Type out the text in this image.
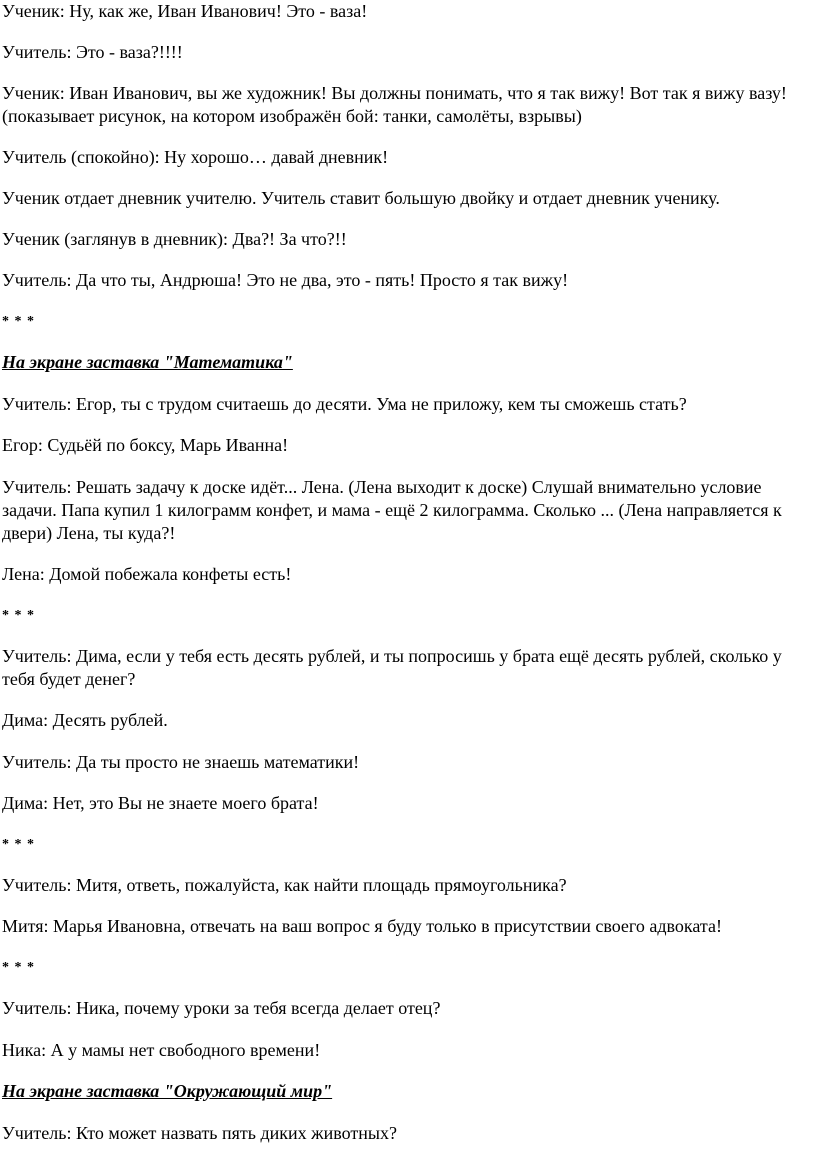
Ученик: Ну, как же, Иван Иванович! Это - ваза!
Учитель: Это - ваза?!!!!
Ученик: Иван Иванович, вы же художник! Вы должны понимать, что я так вижу! Вот так я вижу вазу!
(показывает рисунок, на котором изображён бой: танки, самолёты, взрывы)
Учитель (спокойно): Ну хорошо… давай дневник!
Ученик отдает дневник учителю. Учитель ставит большую двойку и отдает дневник ученику.
Ученик (заглянув в дневник): Два?! За что?!!
Учитель: Да что ты, Андрюша! Это не два, это - пять! Просто я так вижу!
* * *
На экране заставка "Математика"
Учитель: Егор, ты с трудом считаешь до десяти. Ума не приложу, кем ты сможешь стать?
Егор: Судьёй по боксу, Марь Иванна!
Учитель: Решать задачу к доске идёт... Лена. (Лена выходит к доске) Слушай внимательно условие
задачи. Папа купил 1 килограмм конфет, и мама - ещё 2 килограмма. Сколько ... (Лена направляется к
двери) Лена, ты куда?!
Лена: Домой побежала конфеты есть!
* * *
Учитель: Дима, если у тебя есть десять рублей, и ты попросишь у брата ещё десять рублей, сколько у
тебя будет денег?
Дима: Десять рублей.
Учитель: Да ты просто не знаешь математики!
Дима: Нет, это Вы не знаете моего брата!
* * *
Учитель: Митя, ответь, пожалуйста, как найти площадь прямоугольника?
Митя: Марья Ивановна, отвечать на ваш вопрос я буду только в присутствии своего адвоката!
* * *
Учитель: Ника, почему уроки за тебя всегда делает отец?
Ника: А у мамы нет свободного времени!
На экране заставка "Окружающий мир"
Учитель: Кто может назвать пять диких животных?
